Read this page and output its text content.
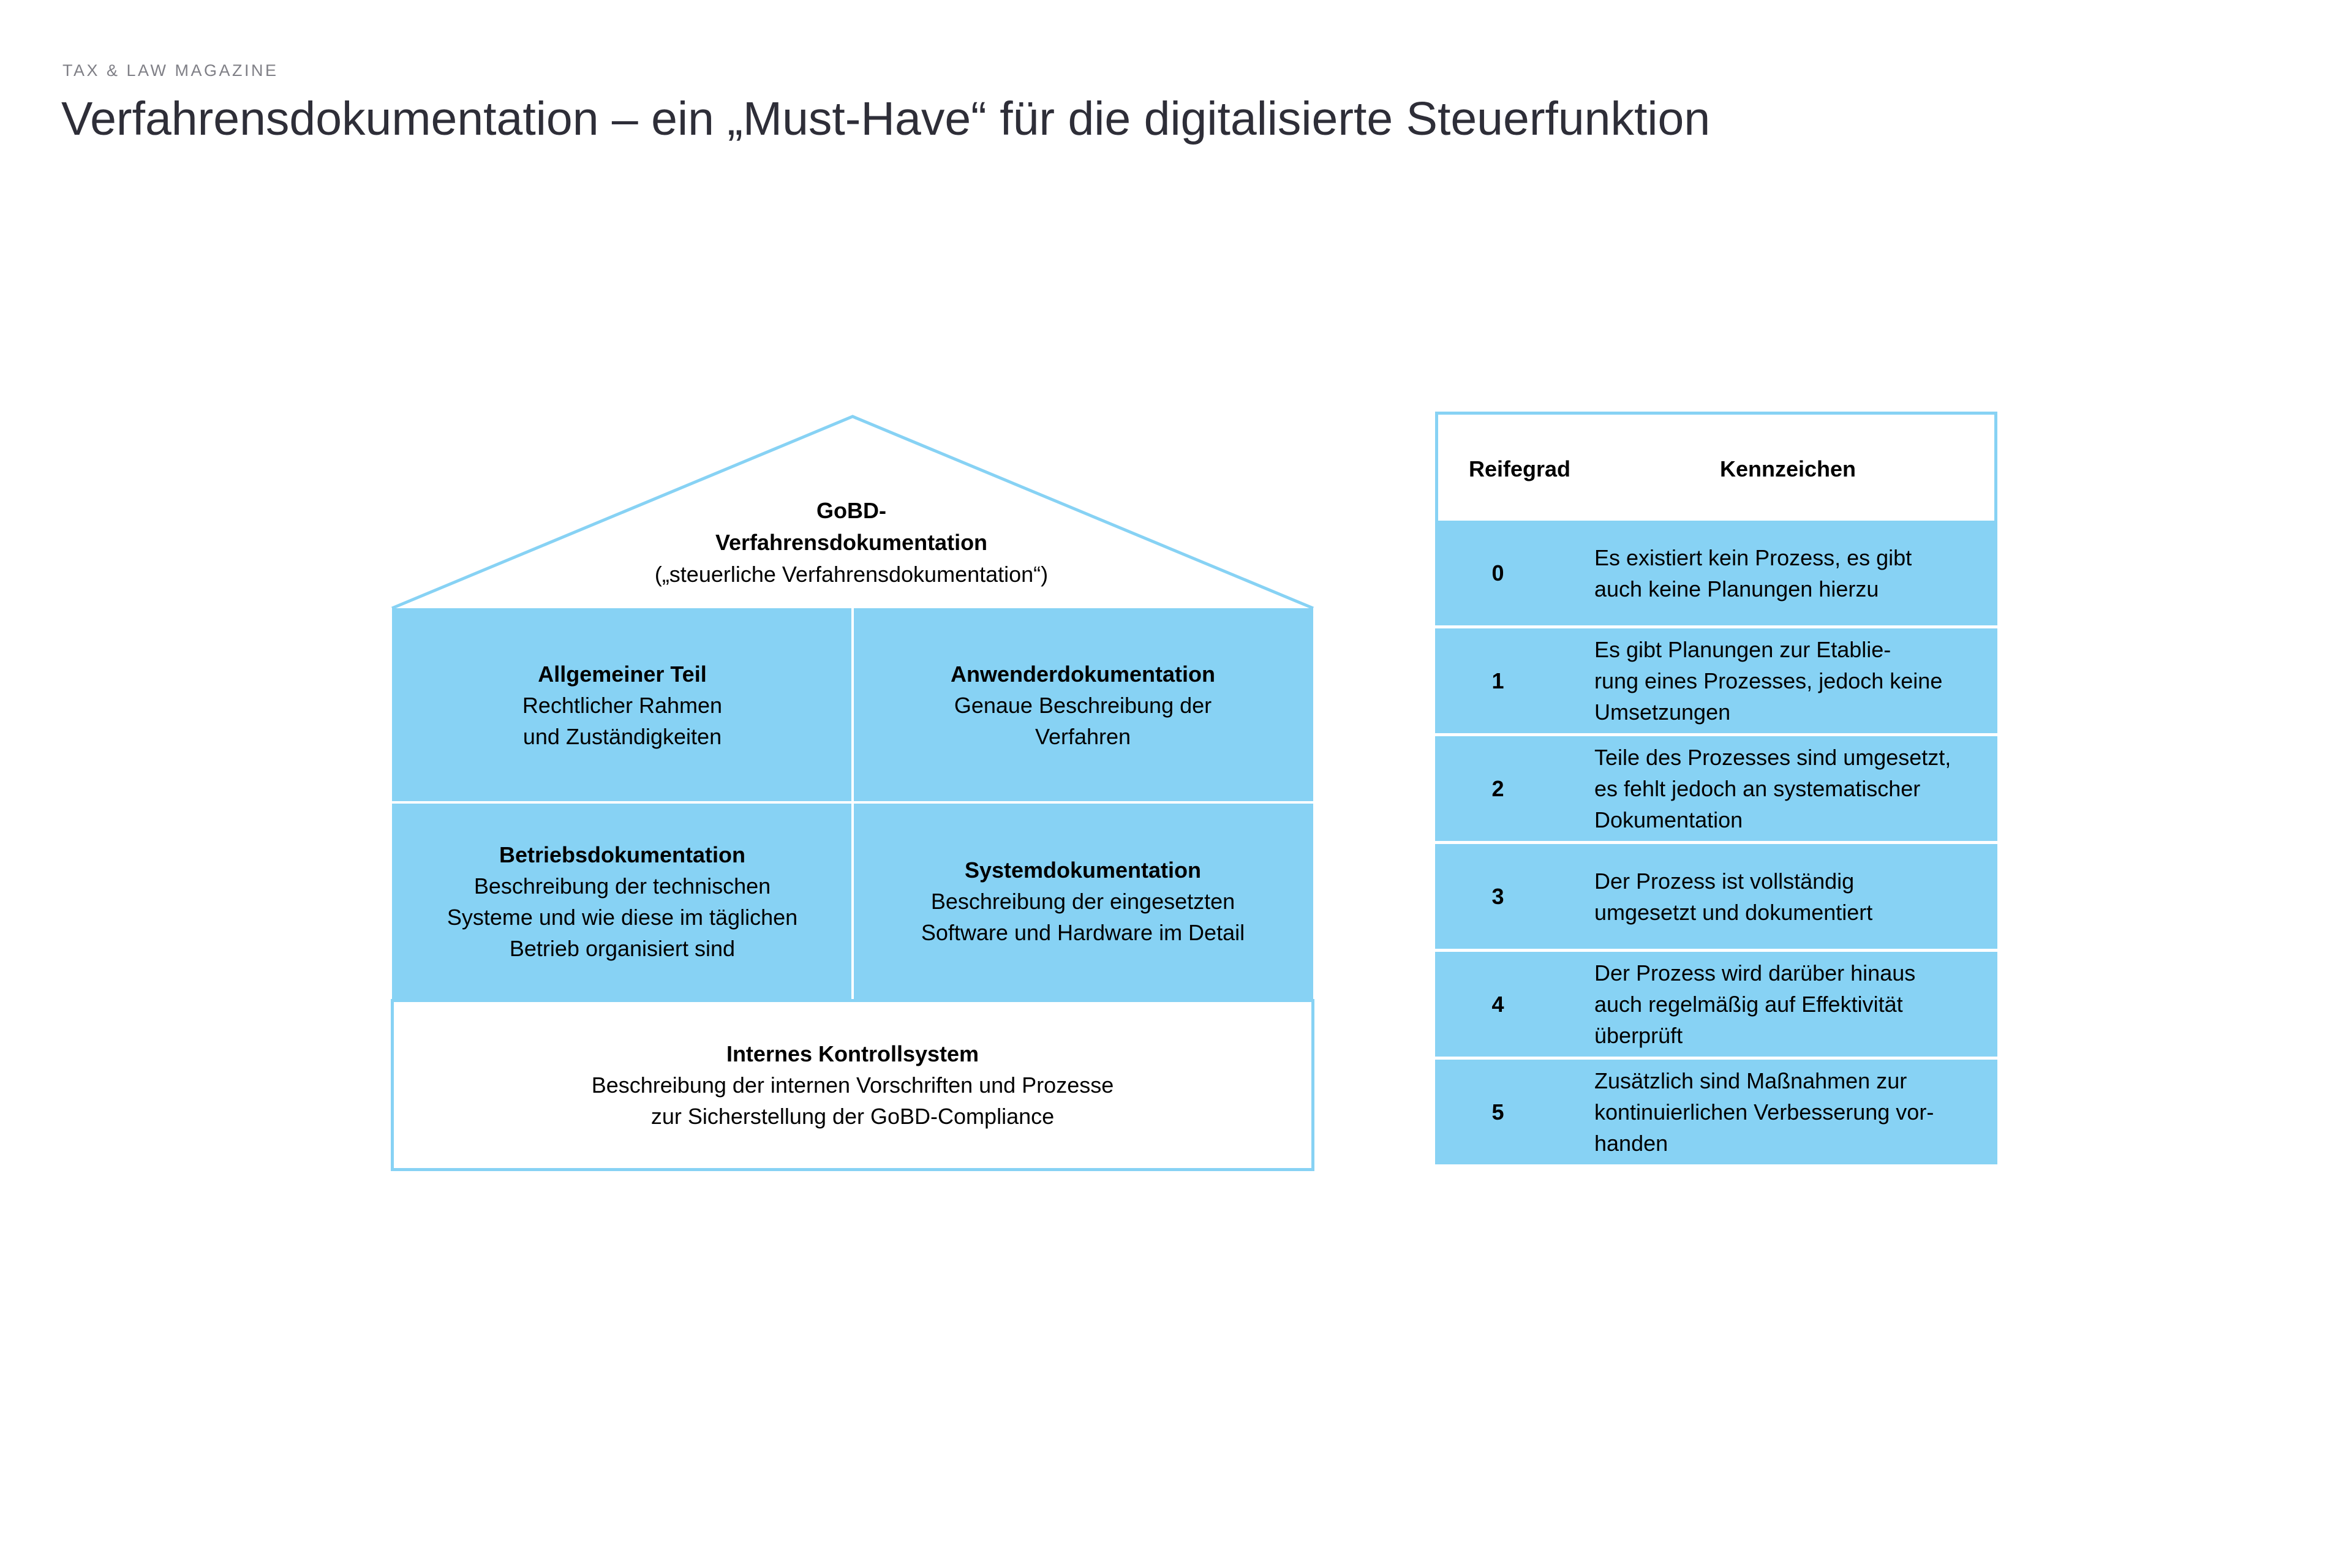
TAX & LAW MAGAZINE
Verfahrensdokumentation – ein „Must-Have“ für die digitalisierte Steuerfunktion
GoBD-
Verfahrensdokumentation
(„steuerliche Verfahrensdokumentation“)
Allgemeiner Teil
Rechtlicher Rahmen
und Zuständigkeiten
Anwenderdokumentation
Genaue Beschreibung der
Verfahren
Betriebsdokumentation
Beschreibung der technischen
Systeme und wie diese im täglichen
Betrieb organisiert sind
Systemdokumentation
Beschreibung der eingesetzten
Software und Hardware im Detail
Internes Kontrollsystem
Beschreibung der internen Vorschriften und Prozesse
zur Sicherstellung der GoBD-Compliance
Reifegrad	Kennzeichen
0
Es existiert kein Prozess, es gibt
auch keine Planungen hierzu
1
Es gibt Planungen zur Etablie-
rung eines Prozesses, jedoch keine
Umsetzungen
2
Teile des Prozesses sind umgesetzt,
es fehlt jedoch an systematischer
Dokumentation
3
Der Prozess ist vollständig
umgesetzt und dokumentiert
4
Der Prozess wird darüber hinaus
auch regelmäßig auf Effektivität
überprüft
5
Zusätzlich sind Maßnahmen zur
kontinuierlichen Verbesserung vor-
handen
